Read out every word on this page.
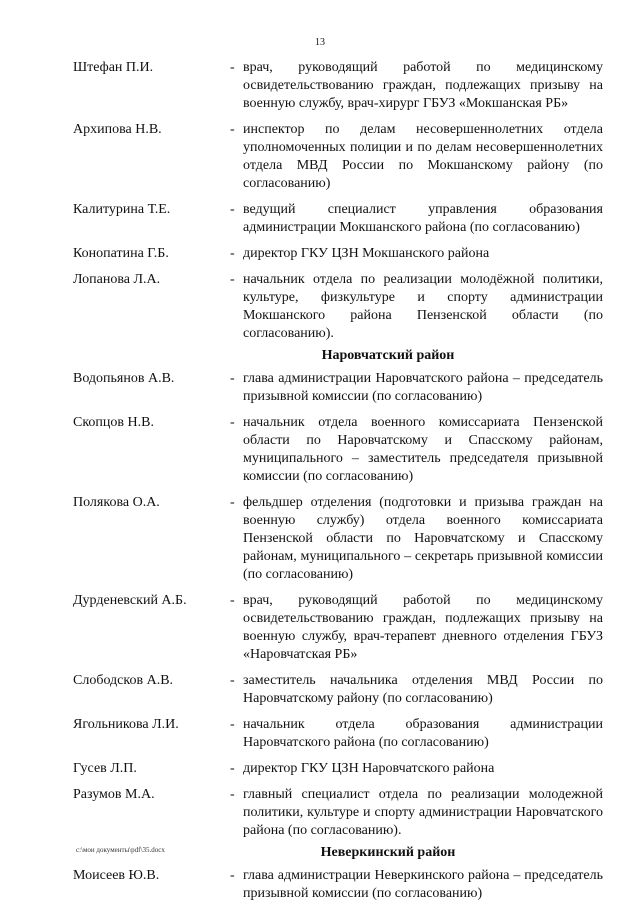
13
Штефан П.И.	- врач, руководящий работой по медицинскому освидетельствованию граждан, подлежащих призыву на военную службу, врач-хирург ГБУЗ «Мокшанская РБ»
Архипова Н.В.	- инспектор по делам несовершеннолетних отдела уполномоченных полиции и по делам несовершеннолетних отдела МВД России по Мокшанскому району (по согласованию)
Калитурина Т.Е.	- ведущий специалист управления образования администрации Мокшанского района (по согласованию)
Конопатина Г.Б.	- директор ГКУ ЦЗН Мокшанского района
Лопанова Л.А.	- начальник отдела по реализации молодёжной политики, культуре, физкультуре и спорту администрации Мокшанского района Пензенской области (по согласованию).
Наровчатский район
Водопьянов А.В.	- глава администрации Наровчатского района – председатель призывной комиссии (по согласованию)
Скопцов Н.В.	- начальник отдела военного комиссариата Пензенской области по Наровчатскому и Спасскому районам, муниципального – заместитель председателя призывной комиссии (по согласованию)
Полякова О.А.	- фельдшер отделения (подготовки и призыва граждан на военную службу) отдела военного комиссариата Пензенской области по Наровчатскому и Спасскому районам, муниципального – секретарь призывной комиссии (по согласованию)
Дурденевский А.Б.	- врач, руководящий работой по медицинскому освидетельствованию граждан, подлежащих призыву на военную службу, врач-терапевт дневного отделения ГБУЗ «Наровчатская РБ»
Слободсков А.В.	- заместитель начальника отделения МВД России по Наровчатскому району (по согласованию)
Ягольникова Л.И.	- начальник отдела образования администрации Наровчатского района (по согласованию)
Гусев Л.П.	- директор ГКУ ЦЗН Наровчатского района
Разумов М.А.	- главный специалист отдела по реализации молодежной политики, культуре и спорту администрации Наровчатского района (по согласованию).
Неверкинский район
Моисеев Ю.В.	- глава администрации Неверкинского района – председатель призывной комиссии (по согласованию)
c:\мои документы\pdf\35.docx
